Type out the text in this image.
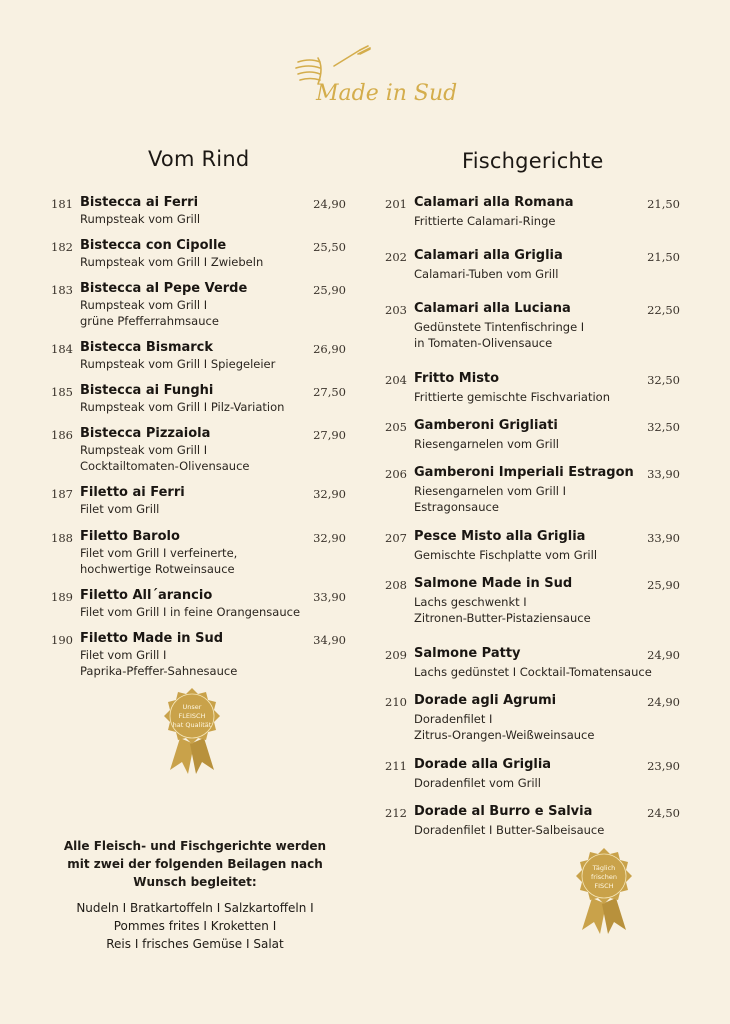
Made in Sud
Vom Rind	Fischgerichte
181 Bistecca ai Ferri	24,90
Rumpsteak vom Grill
182 Bistecca con Cipolle	25,50
Rumpsteak vom Grill I Zwiebeln
183 Bistecca al Pepe Verde	25,90
Rumpsteak vom Grill I
grüne Pfefferrahmsauce
184 Bistecca Bismarck	26,90
Rumpsteak vom Grill I Spiegeleier
185 Bistecca ai Funghi	27,50
Rumpsteak vom Grill I Pilz-Variation
186 Bistecca Pizzaiola	27,90
Rumpsteak vom Grill I
Cocktailtomaten-Olivensauce
187 Filetto ai Ferri	32,90
Filet vom Grill
188 Filetto Barolo	32,90
Filet vom Grill I verfeinerte,
hochwertige Rotweinsauce
189 Filetto All´arancio	33,90
Filet vom Grill I in feine Orangensauce
190 Filetto Made in Sud	34,90
Filet vom Grill I
Paprika-Pfeffer-Sahnesauce
201 Calamari alla Romana	21,50
Frittierte Calamari-Ringe
202 Calamari alla Griglia	21,50
Calamari-Tuben vom Grill
203 Calamari alla Luciana	22,50
Gedünstete Tintenfischringe I
in Tomaten-Olivensauce
204 Fritto Misto	32,50
Frittierte gemischte Fischvariation
205 Gamberoni Grigliati	32,50
Riesengarnelen vom Grill
206 Gamberoni Imperiali Estragon 33,90
Riesengarnelen vom Grill I
Estragonsauce
207 Pesce Misto alla Griglia	33,90
Gemischte Fischplatte vom Grill
208 Salmone Made in Sud	25,90
Lachs geschwenkt I
Zitronen-Butter-Pistaziensauce
209 Salmone Patty	24,90
Lachs gedünstet I Cocktail-Tomatensauce
210 Dorade agli Agrumi	24,90
Doradenfilet I
Zitrus-Orangen-Weißweinsauce
211 Dorade alla Griglia	23,90
Doradenfilet vom Grill
212 Dorade al Burro e Salvia	24,50
Doradenfilet I Butter-Salbeisauce
Unser
FLEISCH
hat Qualität
Täglich
frischen
FISCH
Alle Fleisch- und Fischgerichte werden
mit zwei der folgenden Beilagen nach
Wunsch begleitet:
Nudeln I Bratkartoffeln I Salzkartoffeln I
Pommes frites I Kroketten I
Reis I frisches Gemüse I Salat
